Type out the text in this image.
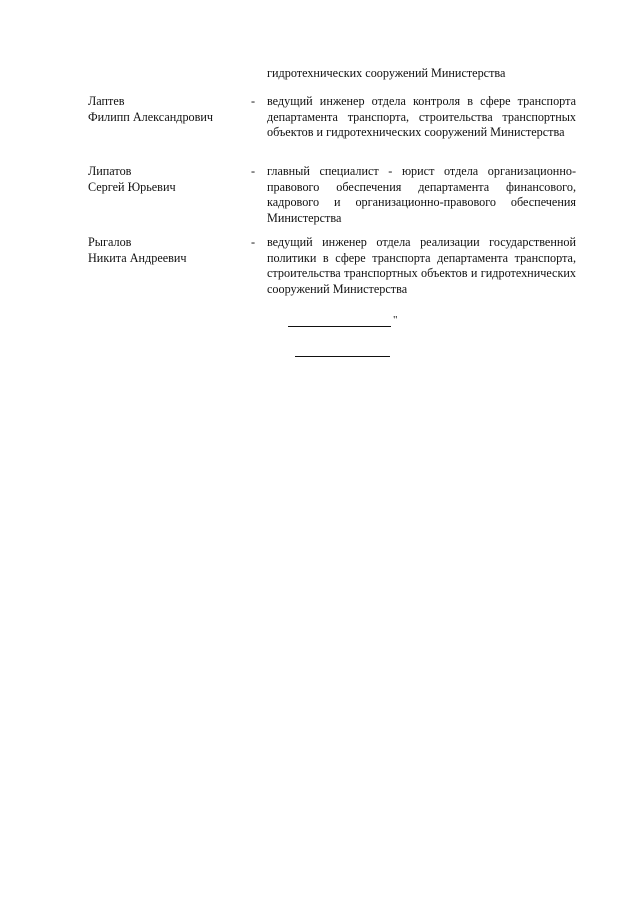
гидротехнических сооружений Министерства
Лаптев
Филипп Александрович
- ведущий инженер отдела контроля в сфере транспорта департамента транспорта, строительства транспортных объектов и гидротехнических сооружений Министерства
Липатов
Сергей Юрьевич
- главный специалист - юрист отдела организационно-правового обеспечения департамента финансового, кадрового и организационно-правового обеспечения Министерства
Рыгалов
Никита Андреевич
- ведущий инженер отдела реализации государственной политики в сфере транспорта департамента транспорта, строительства транспортных объектов и гидротехнических сооружений Министерства
"
